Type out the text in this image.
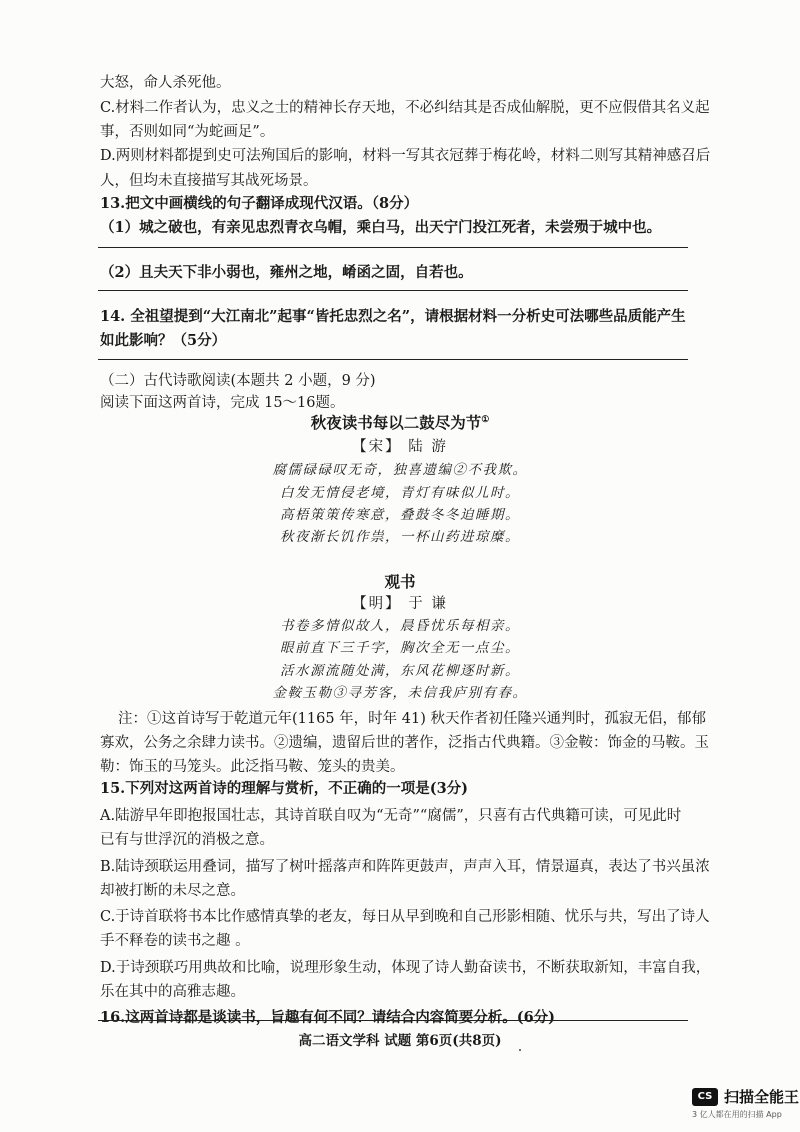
大怒，命人杀死他。
C.材料二作者认为，忠义之士的精神长存天地，不必纠结其是否成仙解脱，更不应假借其名义起
事，否则如同“为蛇画足”。
D.两则材料都提到史可法殉国后的影响，材料一写其衣冠葬于梅花岭，材料二则写其精神感召后
人，但均未直接描写其战死场景。
13.把文中画横线的句子翻译成现代汉语。（8分）
（1）城之破也，有亲见忠烈青衣乌帽，乘白马，出天宁门投江死者，未尝殒于城中也。
（2）且夫天下非小弱也，雍州之地，崤函之固，自若也。
14. 全祖望提到“大江南北”起事“皆托忠烈之名”，请根据材料一分析史可法哪些品质能产生
如此影响？（5分）
（二）古代诗歌阅读(本题共 2 小题，9 分)
阅读下面这两首诗，完成 15～16题。
秋夜读书每以二鼓尽为节①
【宋】 陆 游
腐儒碌碌叹无奇，独喜遗编②不我欺。
白发无情侵老境，青灯有味似儿时。
高梧策策传寒意，叠鼓冬冬迫睡期。
秋夜渐长饥作祟，一杯山药进琼糜。
观书
【明】 于 谦
书卷多情似故人，晨昏忧乐每相亲。
眼前直下三千字，胸次全无一点尘。
活水源流随处满，东风花柳逐时新。
金鞍玉勒③寻芳客，未信我庐别有春。
注：①这首诗写于乾道元年(1165 年，时年 41) 秋天作者初任隆兴通判时，孤寂无侣，郁郁
寡欢，公务之余肆力读书。②遗编，遗留后世的著作，泛指古代典籍。③金鞍：饰金的马鞍。玉
勒：饰玉的马笼头。此泛指马鞍、笼头的贵美。
15.下列对这两首诗的理解与赏析，不正确的一项是(3分)
A.陆游早年即抱报国壮志，其诗首联自叹为“无奇”“腐儒”，只喜有古代典籍可读，可见此时
已有与世浮沉的消极之意。
B.陆诗颈联运用叠词，描写了树叶摇落声和阵阵更鼓声，声声入耳，情景逼真，表达了书兴虽浓
却被打断的未尽之意。
C.于诗首联将书本比作感情真挚的老友，每日从早到晚和自己形影相随、忧乐与共，写出了诗人
手不释卷的读书之趣 。
D.于诗颈联巧用典故和比喻，说理形象生动，体现了诗人勤奋读书，不断获取新知，丰富自我，
乐在其中的高雅志趣。
16.这两首诗都是谈读书，旨趣有何不同？请结合内容简要分析。(6分)
高二语文学科 试题 第6页(共8页)
CS 扫描全能王
3 亿人都在用的扫描 App
